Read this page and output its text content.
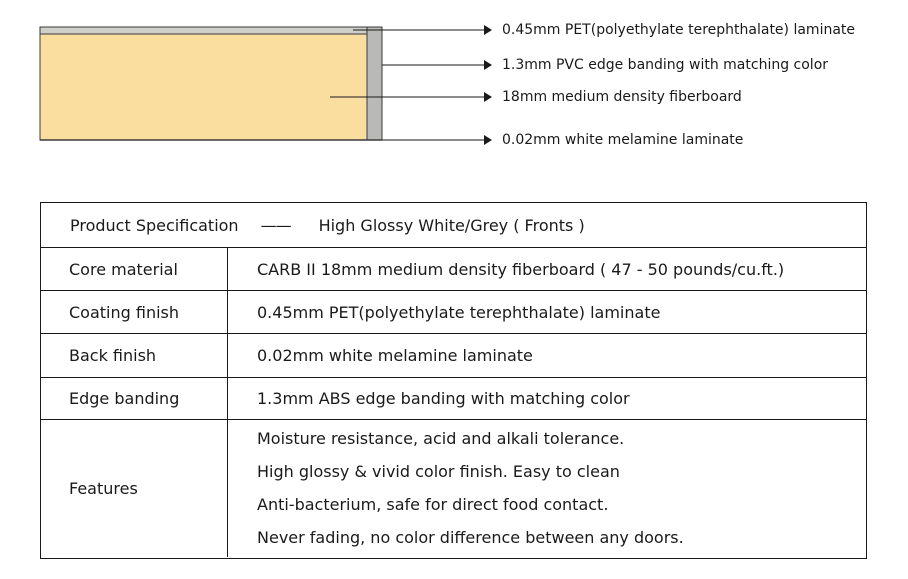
0.45mm PET(polyethylate terephthalate) laminate
1.3mm PVC edge banding with matching color
18mm medium density fiberboard
0.02mm white melamine laminate
Product Specification —— High Glossy White/Grey ( Fronts )
Core material	CARB II 18mm medium density fiberboard ( 47 - 50 pounds/cu.ft.)
Coating finish	0.45mm PET(polyethylate terephthalate) laminate
Back finish	0.02mm white melamine laminate
Edge banding	1.3mm ABS edge banding with matching color
Features
Moisture resistance, acid and alkali tolerance.
High glossy & vivid color finish. Easy to clean
Anti-bacterium, safe for direct food contact.
Never fading, no color difference between any doors.
